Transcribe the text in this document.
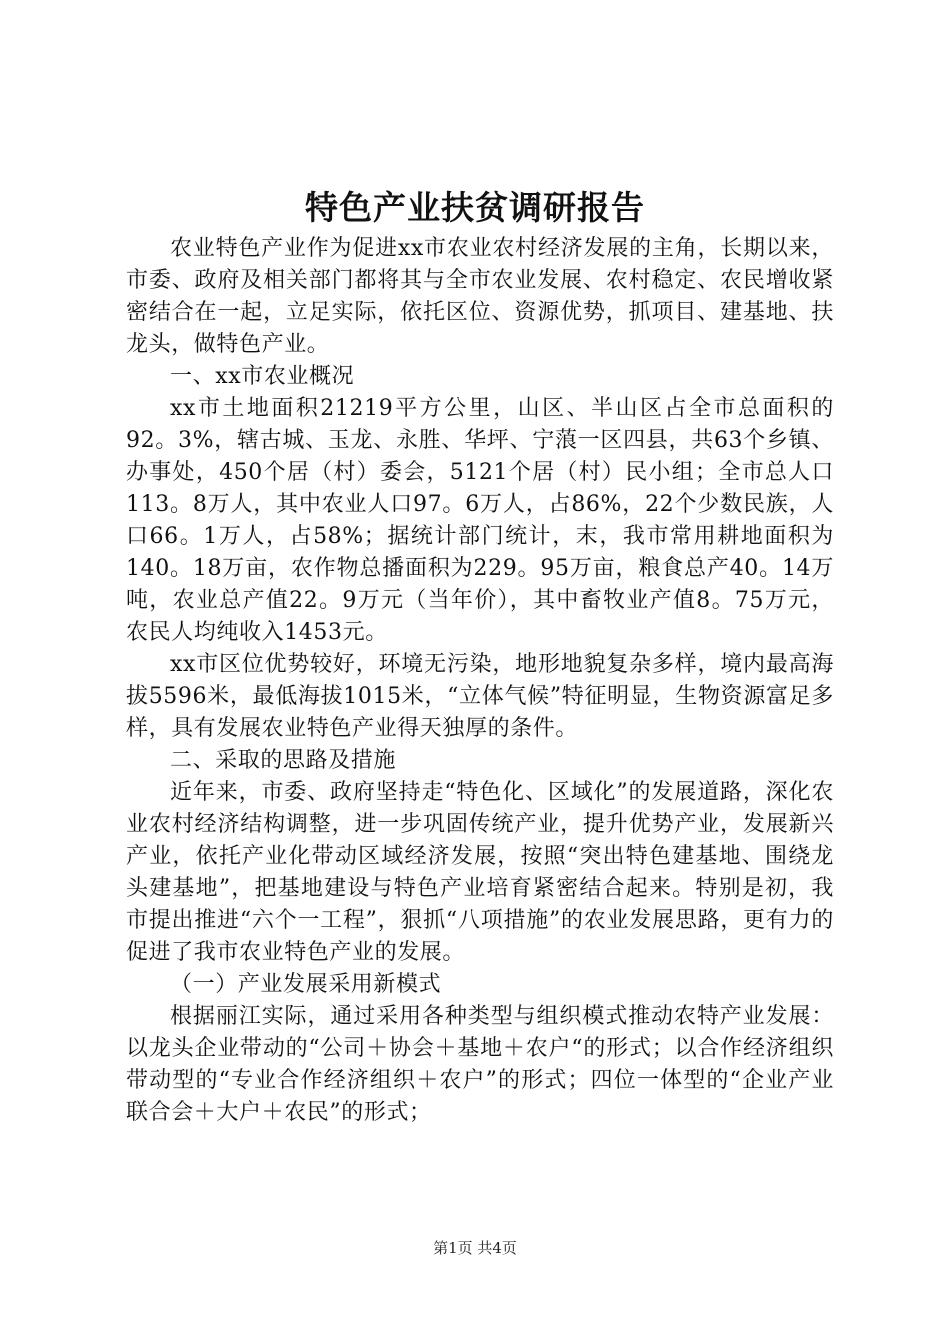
特色产业扶贫调研报告

农业特色产业作为促进xx市农业农村经济发展的主角，长期以来，市委、政府及相关部门都将其与全市农业发展、农村稳定、农民增收紧密结合在一起，立足实际，依托区位、资源优势，抓项目、建基地、扶龙头，做特色产业。

一、xx市农业概况

xx市土地面积21219平方公里，山区、半山区占全市总面积的92。3%，辖古城、玉龙、永胜、华坪、宁蒗一区四县，共63个乡镇、办事处，450个居（村）委会，5121个居（村）民小组；全市总人口113。8万人，其中农业人口97。6万人，占86%，22个少数民族，人口66。1万人，占58%；据统计部门统计，末，我市常用耕地面积为140。18万亩，农作物总播面积为229。95万亩，粮食总产40。14万吨，农业总产值22。9万元（当年价），其中畜牧业产值8。75万元，农民人均纯收入1453元。

xx市区位优势较好，环境无污染，地形地貌复杂多样，境内最高海拔5596米，最低海拔1015米，“立体气候”特征明显，生物资源富足多样，具有发展农业特色产业得天独厚的条件。

二、采取的思路及措施

近年来，市委、政府坚持走“特色化、区域化”的发展道路，深化农业农村经济结构调整，进一步巩固传统产业，提升优势产业，发展新兴产业，依托产业化带动区域经济发展，按照“突出特色建基地、围绕龙头建基地”，把基地建设与特色产业培育紧密结合起来。特别是初，我市提出推进“六个一工程”，狠抓“八项措施”的农业发展思路，更有力的促进了我市农业特色产业的发展。

（一）产业发展采用新模式

根据丽江实际，通过采用各种类型与组织模式推动农特产业发展：以龙头企业带动的“公司＋协会＋基地＋农户“的形式；以合作经济组织带动型的“专业合作经济组织＋农户”的形式；四位一体型的“企业产业联合会＋大户＋农民”的形式；

第1页 共4页
